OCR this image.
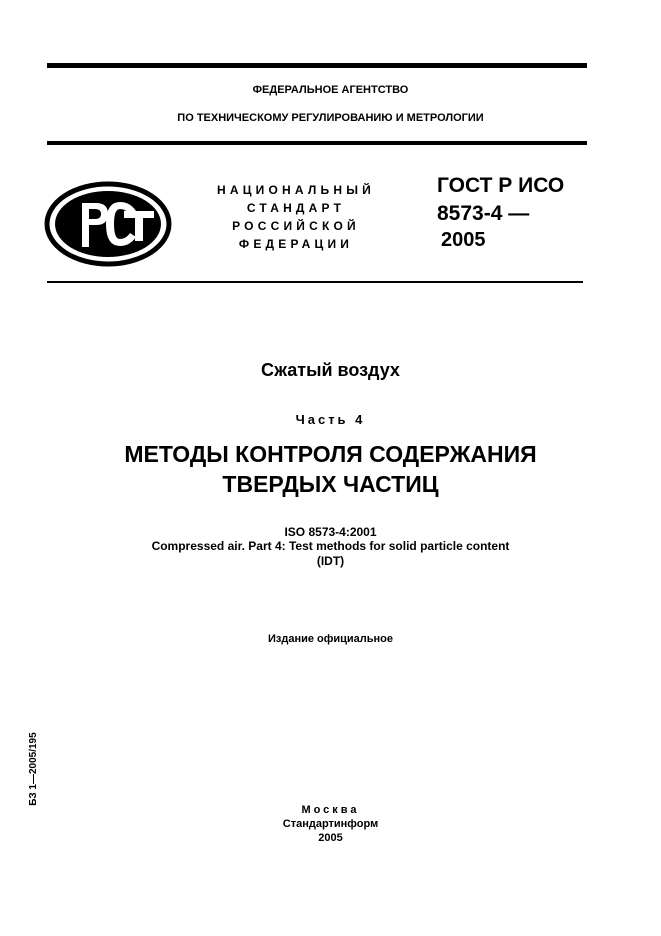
ФЕДЕРАЛЬНОЕ АГЕНТСТВО
ПО ТЕХНИЧЕСКОМУ РЕГУЛИРОВАНИЮ И МЕТРОЛОГИИ
НАЦИОНАЛЬНЫЙ
СТАНДАРТ
РОССИЙСКОЙ
ФЕДЕРАЦИИ
ГОСТ Р ИСО
8573-4 —
2005
Сжатый воздух
Часть 4
МЕТОДЫ КОНТРОЛЯ СОДЕРЖАНИЯ
ТВЕРДЫХ ЧАСТИЦ
ISO 8573-4:2001
Compressed air. Part 4: Test methods for solid particle content
(IDT)
Издание официальное
БЗ 1—2005/195
Москва
Стандартинформ
2005
